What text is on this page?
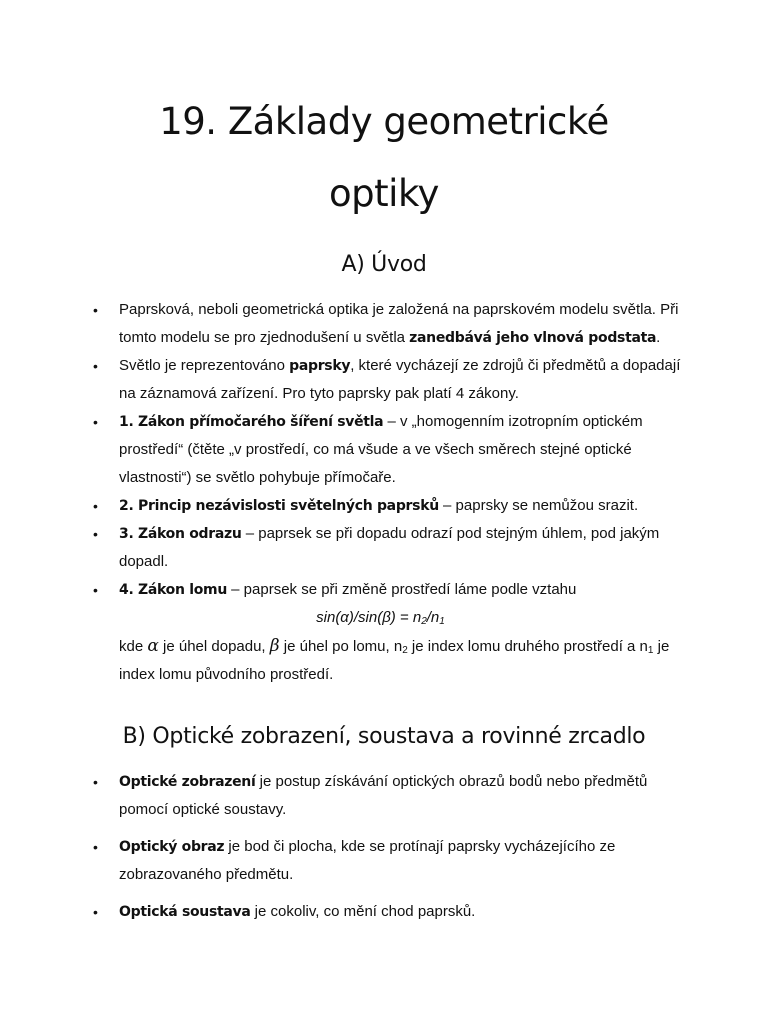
19. Základy geometrické
optiky
A) Úvod
• Paprsková, neboli geometrická optika je založená na paprskovém modelu světla. Při tomto modelu se pro zjednodušení u světla zanedbává jeho vlnová podstata.
• Světlo je reprezentováno paprsky, které vycházejí ze zdrojů či předmětů a dopadají na záznamová zařízení. Pro tyto paprsky pak platí 4 zákony.
• 1. Zákon přímočarého šíření světla – v „homogenním izotropním optickém prostředí“ (čtěte „v prostředí, co má všude a ve všech směrech stejné optické vlastnosti“) se světlo pohybuje přímočaře.
• 2. Princip nezávislosti světelných paprsků – paprsky se nemůžou srazit.
• 3. Zákon odrazu – paprsek se při dopadu odrazí pod stejným úhlem, pod jakým dopadl.
• 4. Zákon lomu – paprsek se při změně prostředí láme podle vztahu
$\sin(\alpha)/\sin(\beta) = n_2/n_1$
kde α je úhel dopadu, β je úhel po lomu, $n_2$ je index lomu druhého prostředí a $n_1$ je index lomu původního prostředí.
B) Optické zobrazení, soustava a rovinné zrcadlo
• Optické zobrazení je postup získávání optických obrazů bodů nebo předmětů pomocí optické soustavy.
• Optický obraz je bod či plocha, kde se protínají paprsky vycházejícího ze zobrazovaného předmětu.
• Optická soustava je cokoliv, co mění chod paprsků.
